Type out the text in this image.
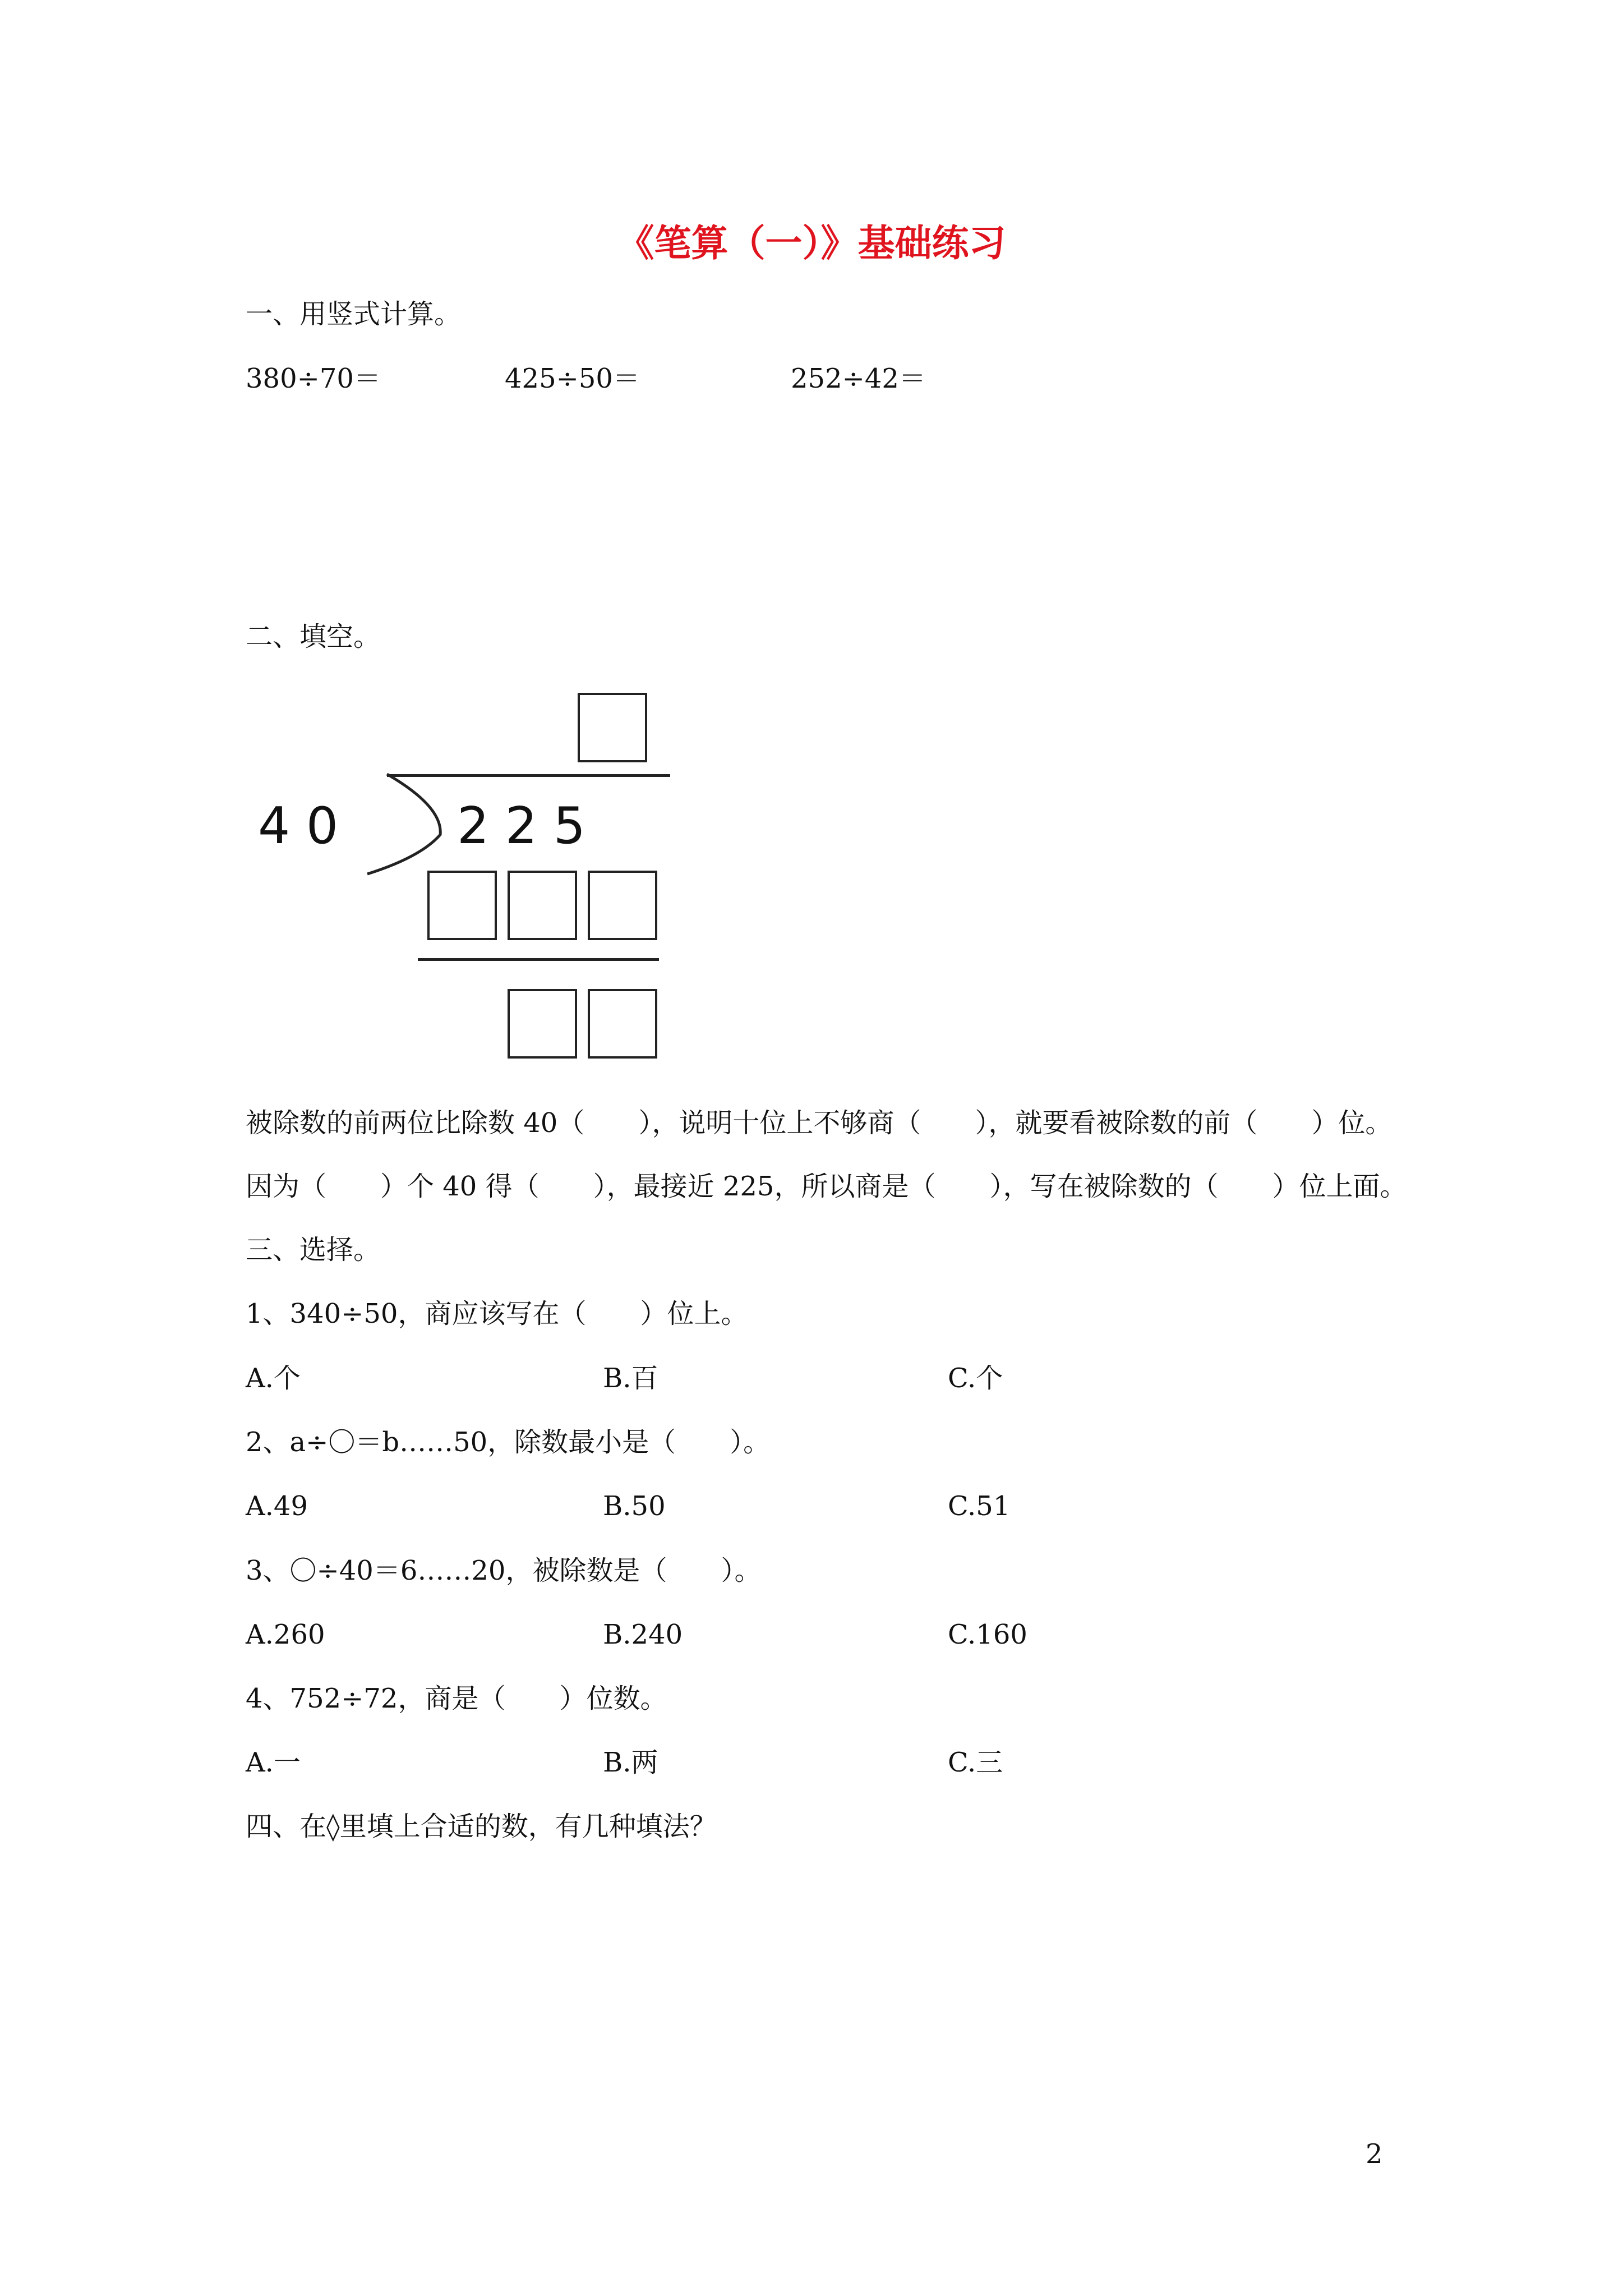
《笔算（一）》基础练习
一、用竖式计算。
380÷70＝	425÷50＝	252÷42＝
二、填空。
4 0 2 2 5
被除数的前两位比除数 40（　　），说明十位上不够商（　　），就要看被除数的前（　　）位。
因为（　　）个 40 得（　　），最接近 225，所以商是（　　），写在被除数的（　　）位上面。
三、选择。
1、340÷50，商应该写在（　　）位上。
A.个	B.百	C.个
2、a÷〇＝b……50，除数最小是（　　）。
A.49	B.50	C.51
3、〇÷40＝6……20，被除数是（　　）。
A.260	B.240	C.160
4、752÷72，商是（　　）位数。
A.一	B.两	C.三
四、在◊里填上合适的数，有几种填法？
2
